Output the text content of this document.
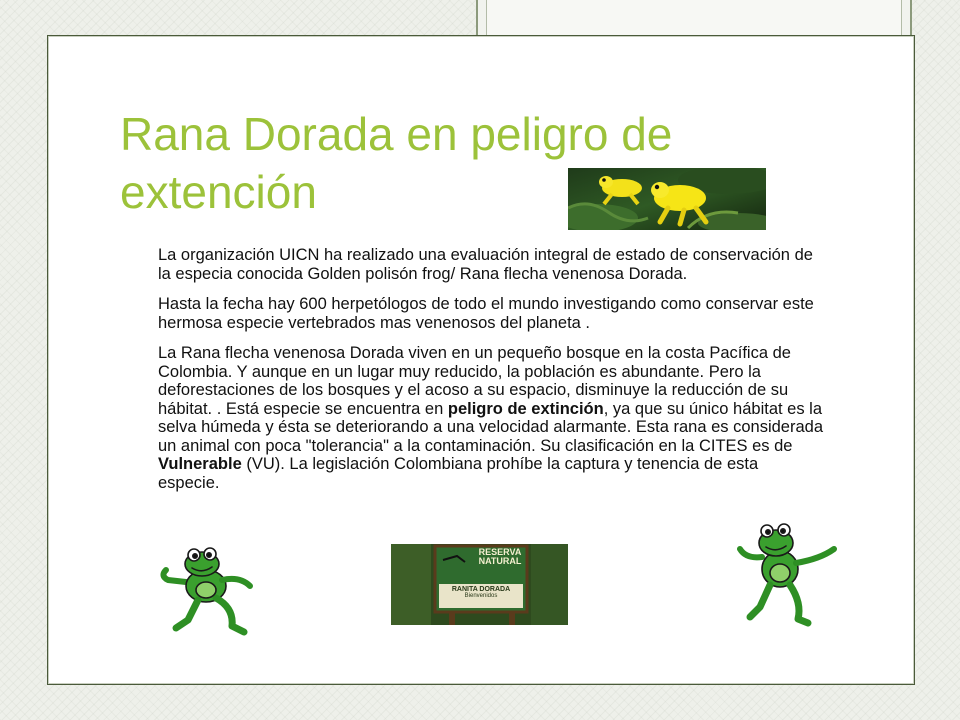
Rana Dorada en peligro de extención
La organización UICN ha realizado una evaluación integral de estado de conservación de la especia conocida Golden polisón frog/ Rana flecha venenosa Dorada.
Hasta la fecha hay 600 herpetólogos de todo el mundo investigando como conservar este hermosa especie vertebrados mas venenosos del planeta .
La Rana flecha venenosa Dorada viven en un pequeño bosque en la costa Pacífica de Colombia. Y aunque en un lugar muy reducido, la población es abundante. Pero la deforestaciones de los bosques y el acoso a su espacio, disminuye la reducción de su hábitat. . Está especie se encuentra en peligro de extinción, ya que su único hábitat es la selva húmeda y ésta se deteriorando a una velocidad alarmante. Esta rana es considerada un animal con poca "tolerancia" a la contaminación. Su clasificación en la CITES es de Vulnerable (VU). La legislación Colombiana prohíbe la captura y tenencia de esta especie.
RESERVA
NATURAL
RANITA DORADA
Bienvenidos
